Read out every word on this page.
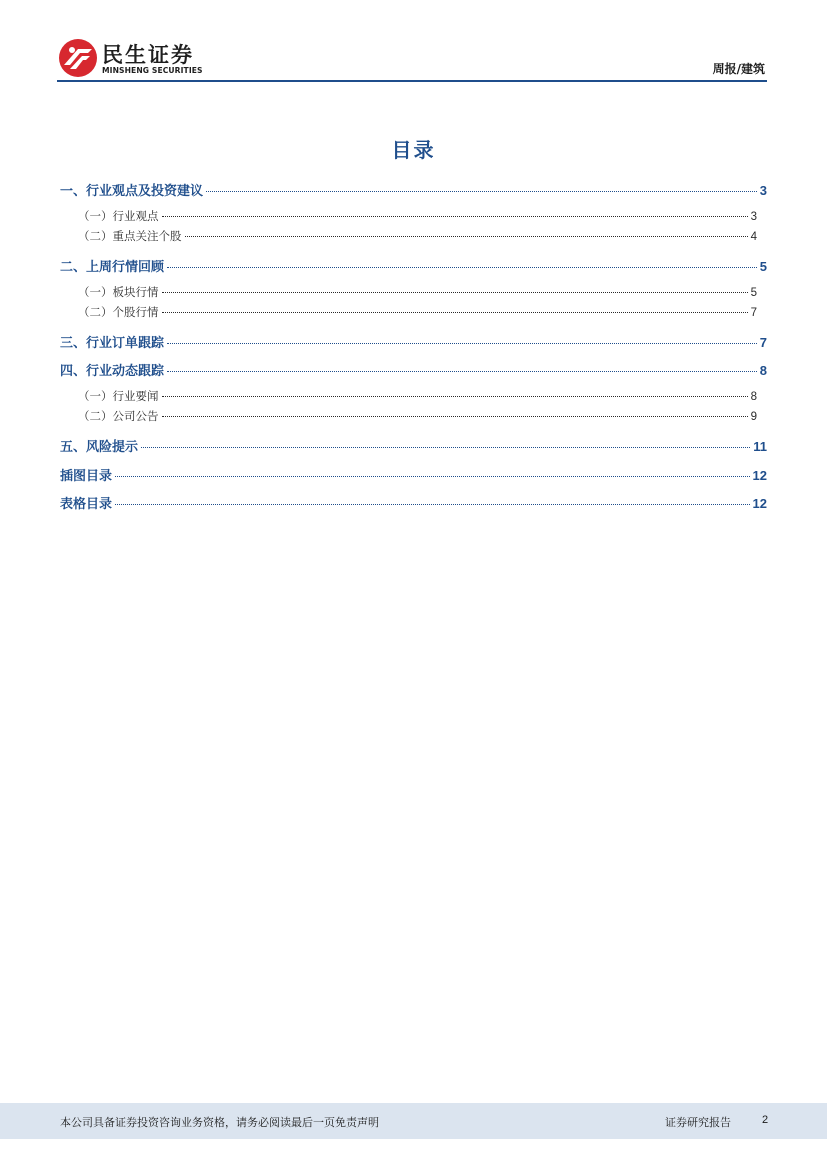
民生证券
MINSHENG SECURITIES	周报/建筑
目录
一、行业观点及投资建议	3
（一）行业观点	3
（二）重点关注个股	4
二、上周行情回顾	5
（一）板块行情	5
（二）个股行情	7
三、行业订单跟踪	7
四、行业动态跟踪	8
（一）行业要闻	8
（二）公司公告	9
五、风险提示	11
插图目录	12
表格目录	12
本公司具备证券投资咨询业务资格，请务必阅读最后一页免责声明	证券研究报告	2
